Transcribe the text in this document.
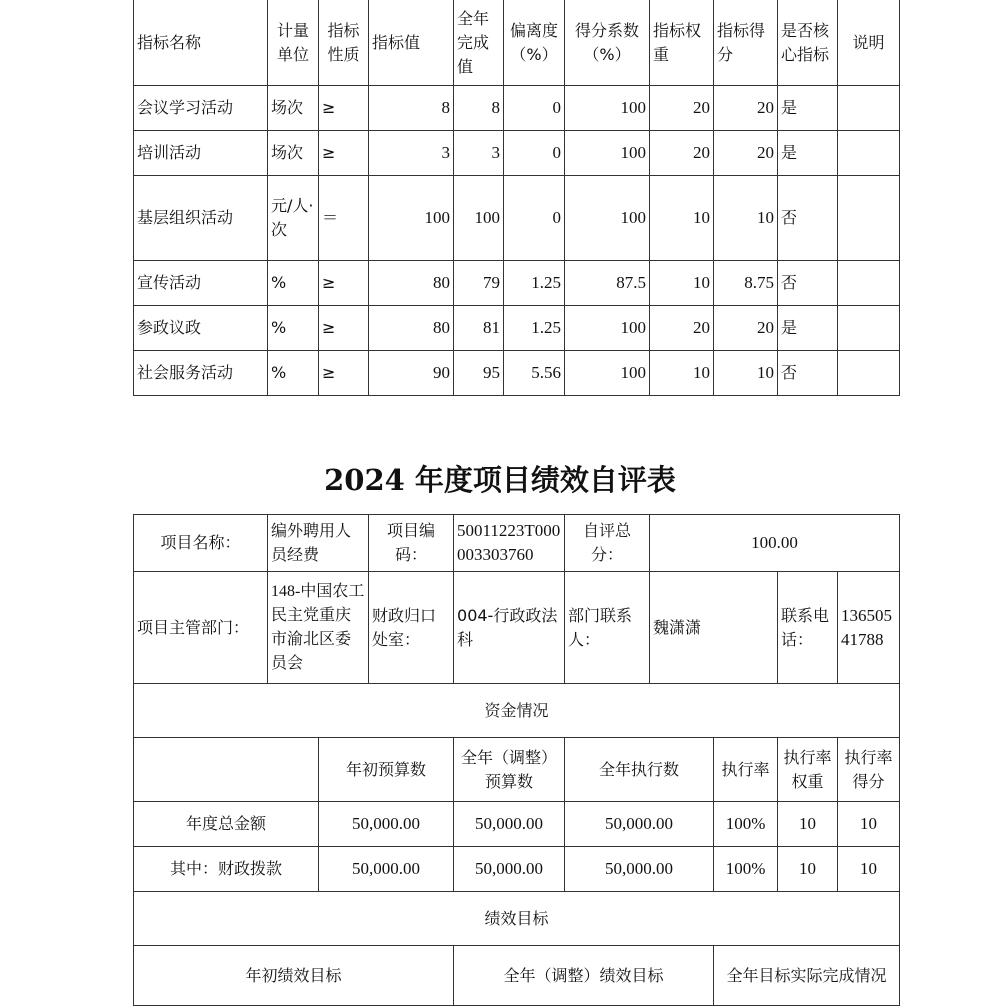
指标名称	计量单位	指标性质	指标值	全年完成值	偏离度（%）	得分系数（%）	指标权重	指标得分	是否核心指标	说明
会议学习活动	场次	≥	8	8	0	100	20	20	是	
培训活动	场次	≥	3	3	0	100	20	20	是	
基层组织活动	元/人·次	＝	100	100	0	100	10	10	否	
宣传活动	%	≥	80	79	1.25	87.5	10	8.75	否	
参政议政	%	≥	80	81	1.25	100	20	20	是	
社会服务活动	%	≥	90	95	5.56	100	10	10	否	
2024 年度项目绩效自评表
项目名称：	编外聘用人员经费		项目编码：	50011223T000003303760	自评总分：	100.00			
项目主管部门：	148-中国农工民主党重庆市渝北区委员会		财政归口处室：	004-行政政法科	部门联系人：	魏潇潇		联系电话：	13650541788
资金情况									
		年初预算数		全年（调整）预算数	全年执行数		执行率	执行率权重	执行率得分
年度总金额		50,000.00		50,000.00	50,000.00		100%	10	10
其中：财政拨款		50,000.00		50,000.00	50,000.00		100%	10	10
绩效目标									
年初绩效目标				全年（调整）绩效目标			全年目标实际完成情况		
